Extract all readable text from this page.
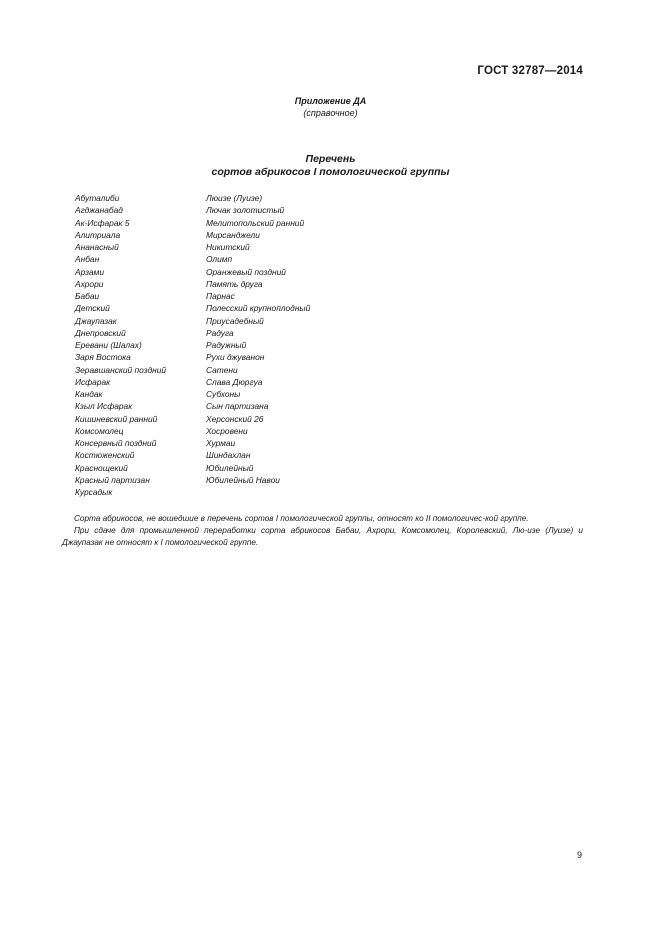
ГОСТ 32787—2014
Приложение ДА
(справочное)
Перечень
сортов абрикосов I помологической группы
Абуталиби
Агджанабад
Ак-Исфарак 5
Алитриала
Ананасный
Анбан
Арзами
Ахрори
Бабаи
Детский
Джаупазак
Днепровский
Еревани (Шалах)
Заря Востока
Зеравшанский поздний
Исфарак
Кандак
Кзыл Исфарак
Кишиневский ранний
Комсомолец
Консервный поздний
Костюженский
Краснощекий
Красный партизан
Курсадык
Люизе (Луизе)
Лючак золотистый
Мелитопольский ранний
Мирсанджели
Никитский
Олимп
Оранжевый поздний
Память друга
Парнас
Полесский крупноплодный
Приусадебный
Радуга
Радужный
Рухи джуванон
Сатени
Слава Дюргуа
Субхоны
Сын партизана
Херсонский 26
Хосровени
Хурмаи
Шиндахлан
Юбилейный
Юбилейный Навои

Сорта абрикосов, не вошедшие в перечень сортов I помологической группы, относят ко II помологичес-кой группе.

При сдаче для промышленной переработки сорта абрикосов Бабаи, Ахрори, Комсомолец, Королевский, Лю-изе (Луизе) и Джаупазак не относят к I помологической группе.

9
